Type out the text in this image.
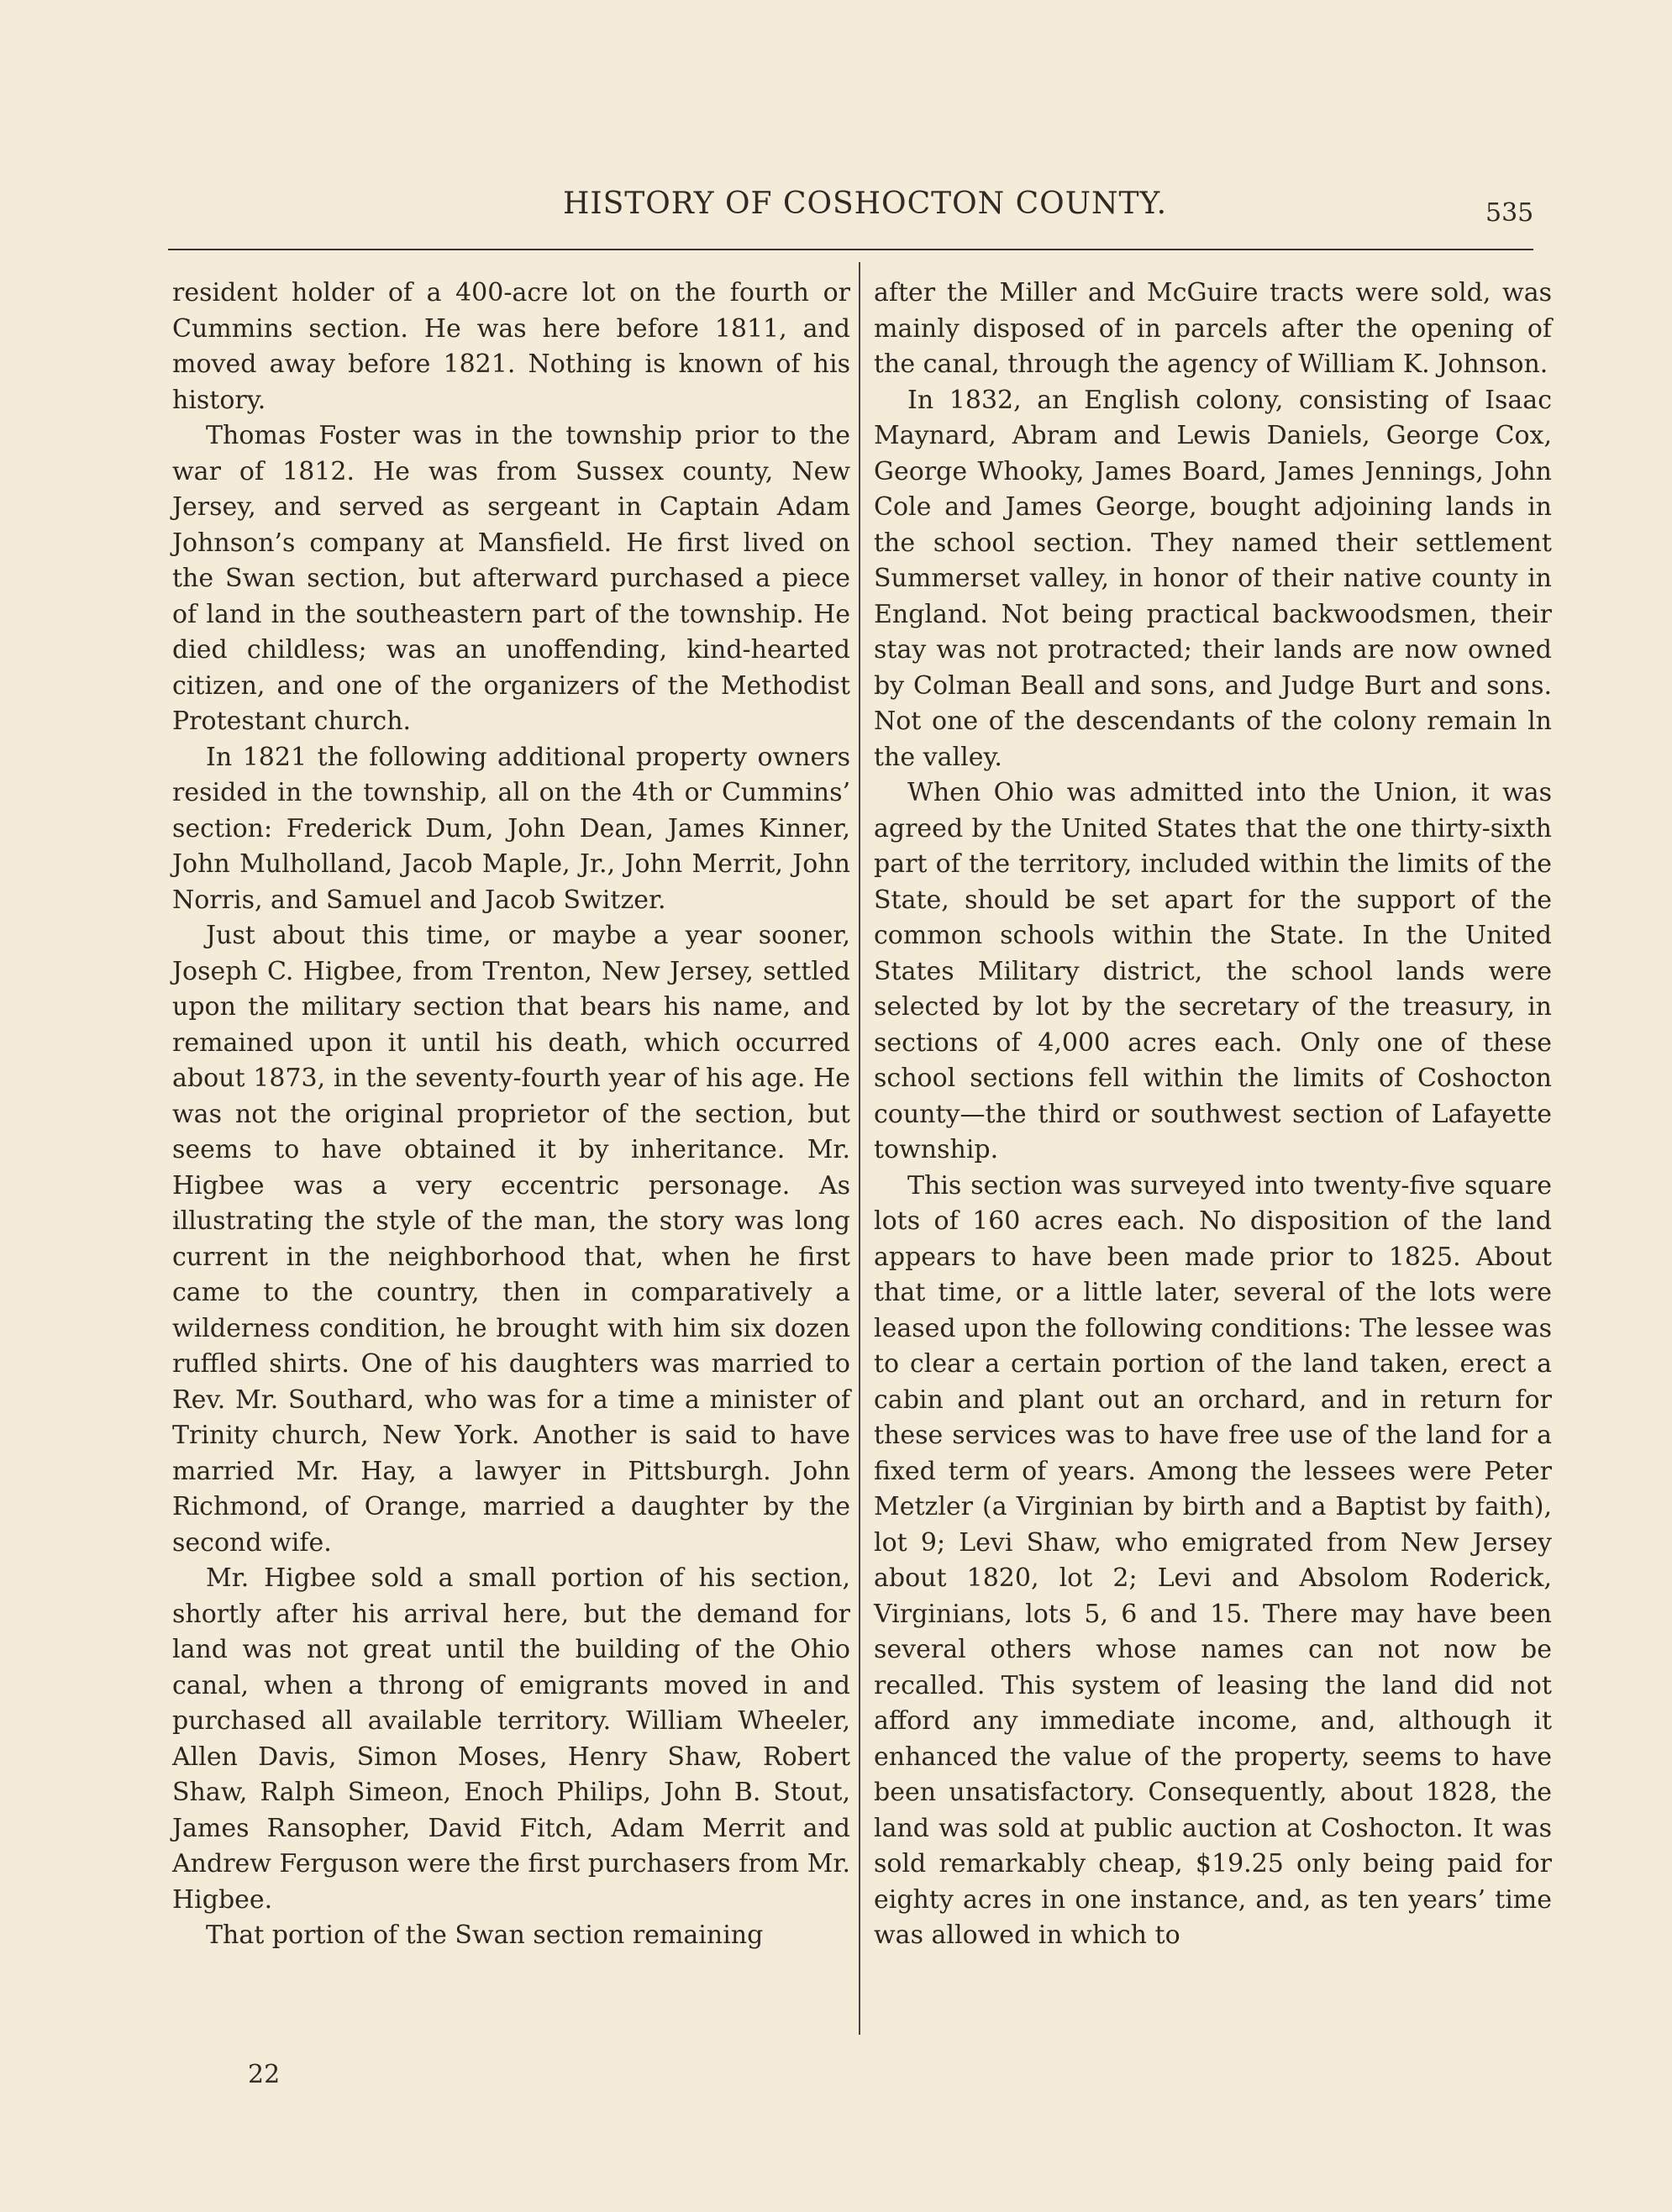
HISTORY OF COSHOCTON COUNTY.	535

resident holder of a 400-acre lot on the fourth or Cummins section. He was here before 1811, and moved away before 1821. Nothing is known of his history.

Thomas Foster was in the township prior to the war of 1812. He was from Sussex county, New Jersey, and served as sergeant in Captain Adam Johnson’s company at Mansfield. He first lived on the Swan section, but afterward purchased a piece of land in the southeastern part of the township. He died childless; was an unoffending, kind-hearted citizen, and one of the organizers of the Methodist Protestant church.

In 1821 the following additional property owners resided in the township, all on the 4th or Cummins’ section: Frederick Dum, John Dean, James Kinner, John Mulholland, Jacob Maple, Jr., John Merrit, John Norris, and Samuel and Jacob Switzer.

Just about this time, or maybe a year sooner, Joseph C. Higbee, from Trenton, New Jersey, settled upon the military section that bears his name, and remained upon it until his death, which occurred about 1873, in the seventy-fourth year of his age. He was not the original proprietor of the section, but seems to have obtained it by inheritance. Mr. Higbee was a very eccentric personage. As illustrating the style of the man, the story was long current in the neighborhood that, when he first came to the country, then in comparatively a wilderness condition, he brought with him six dozen ruffled shirts. One of his daughters was married to Rev. Mr. Southard, who was for a time a minister of Trinity church, New York. Another is said to have married Mr. Hay, a lawyer in Pittsburgh. John Richmond, of Orange, married a daughter by the second wife.

Mr. Higbee sold a small portion of his section, shortly after his arrival here, but the demand for land was not great until the building of the Ohio canal, when a throng of emigrants moved in and purchased all available territory. William Wheeler, Allen Davis, Simon Moses, Henry Shaw, Robert Shaw, Ralph Simeon, Enoch Philips, John B. Stout, James Ransopher, David Fitch, Adam Merrit and Andrew Ferguson were the first purchasers from Mr. Higbee.

That portion of the Swan section remaining

after the Miller and McGuire tracts were sold, was mainly disposed of in parcels after the opening of the canal, through the agency of William K. Johnson.

In 1832, an English colony, consisting of Isaac Maynard, Abram and Lewis Daniels, George Cox, George Whooky, James Board, James Jennings, John Cole and James George, bought adjoining lands in the school section. They named their settlement Summerset valley, in honor of their native county in England. Not being practical backwoodsmen, their stay was not protracted; their lands are now owned by Colman Beall and sons, and Judge Burt and sons. Not one of the descendants of the colony remain ln the valley.

When Ohio was admitted into the Union, it was agreed by the United States that the one thirty-sixth part of the territory, included within the limits of the State, should be set apart for the support of the common schools within the State. In the United States Military district, the school lands were selected by lot by the secretary of the treasury, in sections of 4,000 acres each. Only one of these school sections fell within the limits of Coshocton county—the third or southwest section of Lafayette township.

This section was surveyed into twenty-five square lots of 160 acres each. No disposition of the land appears to have been made prior to 1825. About that time, or a little later, several of the lots were leased upon the following conditions: The lessee was to clear a certain portion of the land taken, erect a cabin and plant out an orchard, and in return for these services was to have free use of the land for a fixed term of years. Among the lessees were Peter Metzler (a Virginian by birth and a Baptist by faith), lot 9; Levi Shaw, who emigrated from New Jersey about 1820, lot 2; Levi and Absolom Roderick, Virginians, lots 5, 6 and 15. There may have been several others whose names can not now be recalled. This system of leasing the land did not afford any immediate income, and, although it enhanced the value of the property, seems to have been unsatisfactory. Consequently, about 1828, the land was sold at public auction at Coshocton. It was sold remarkably cheap, $19.25 only being paid for eighty acres in one instance, and, as ten years’ time was allowed in which to

22
